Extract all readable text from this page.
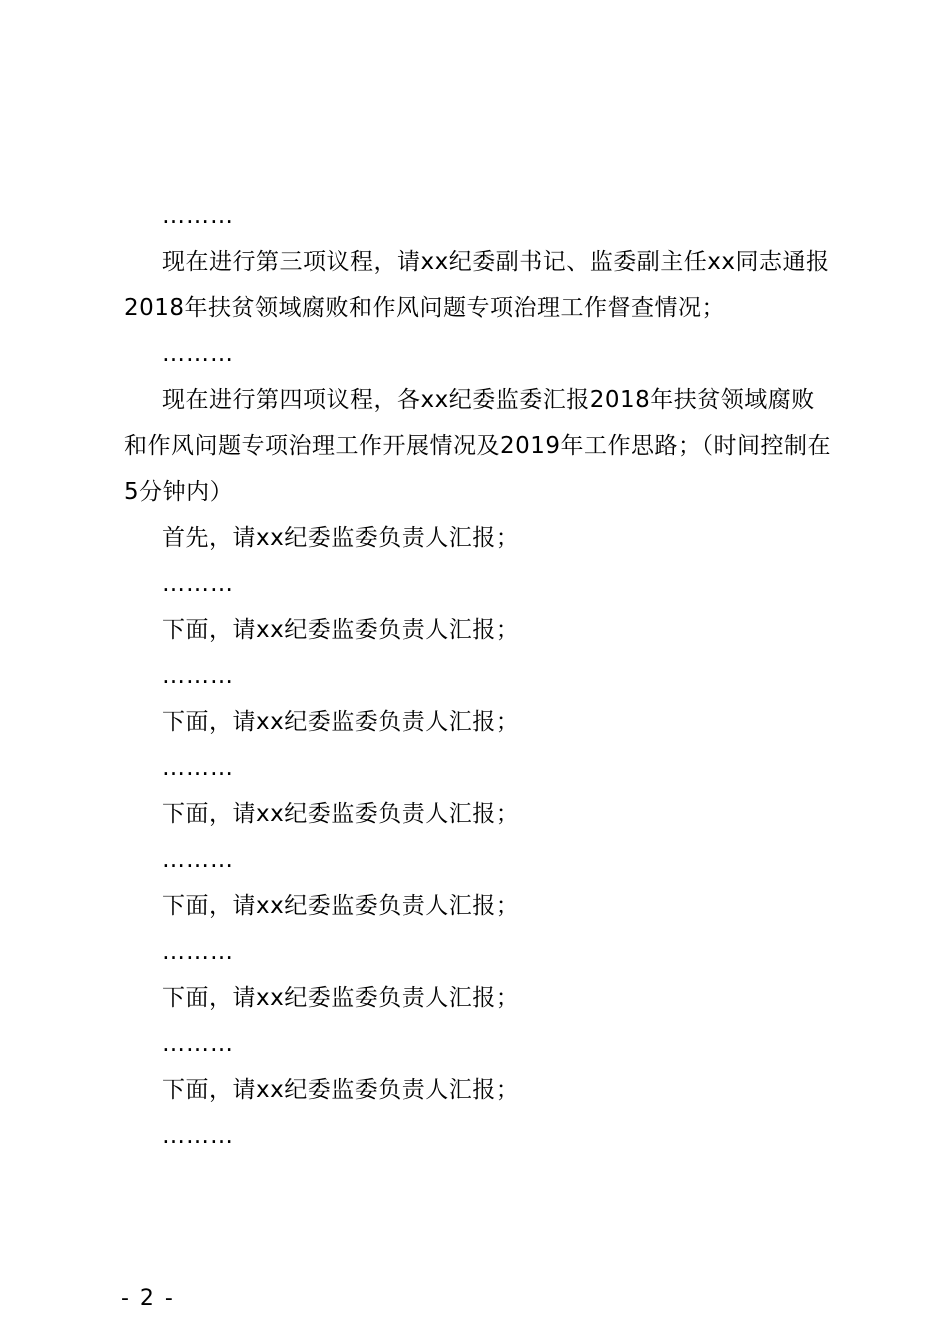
………

现在进行第三项议程，请xx纪委副书记、监委副主任xx同志通报2018年扶贫领域腐败和作风问题专项治理工作督查情况；

………

现在进行第四项议程，各xx纪委监委汇报2018年扶贫领域腐败和作风问题专项治理工作开展情况及2019年工作思路；（时间控制在5分钟内）

首先，请xx纪委监委负责人汇报；

………

下面，请xx纪委监委负责人汇报；

………

下面，请xx纪委监委负责人汇报；

………

下面，请xx纪委监委负责人汇报；

………

下面，请xx纪委监委负责人汇报；

………

下面，请xx纪委监委负责人汇报；

………

下面，请xx纪委监委负责人汇报；

………

- 2 -
